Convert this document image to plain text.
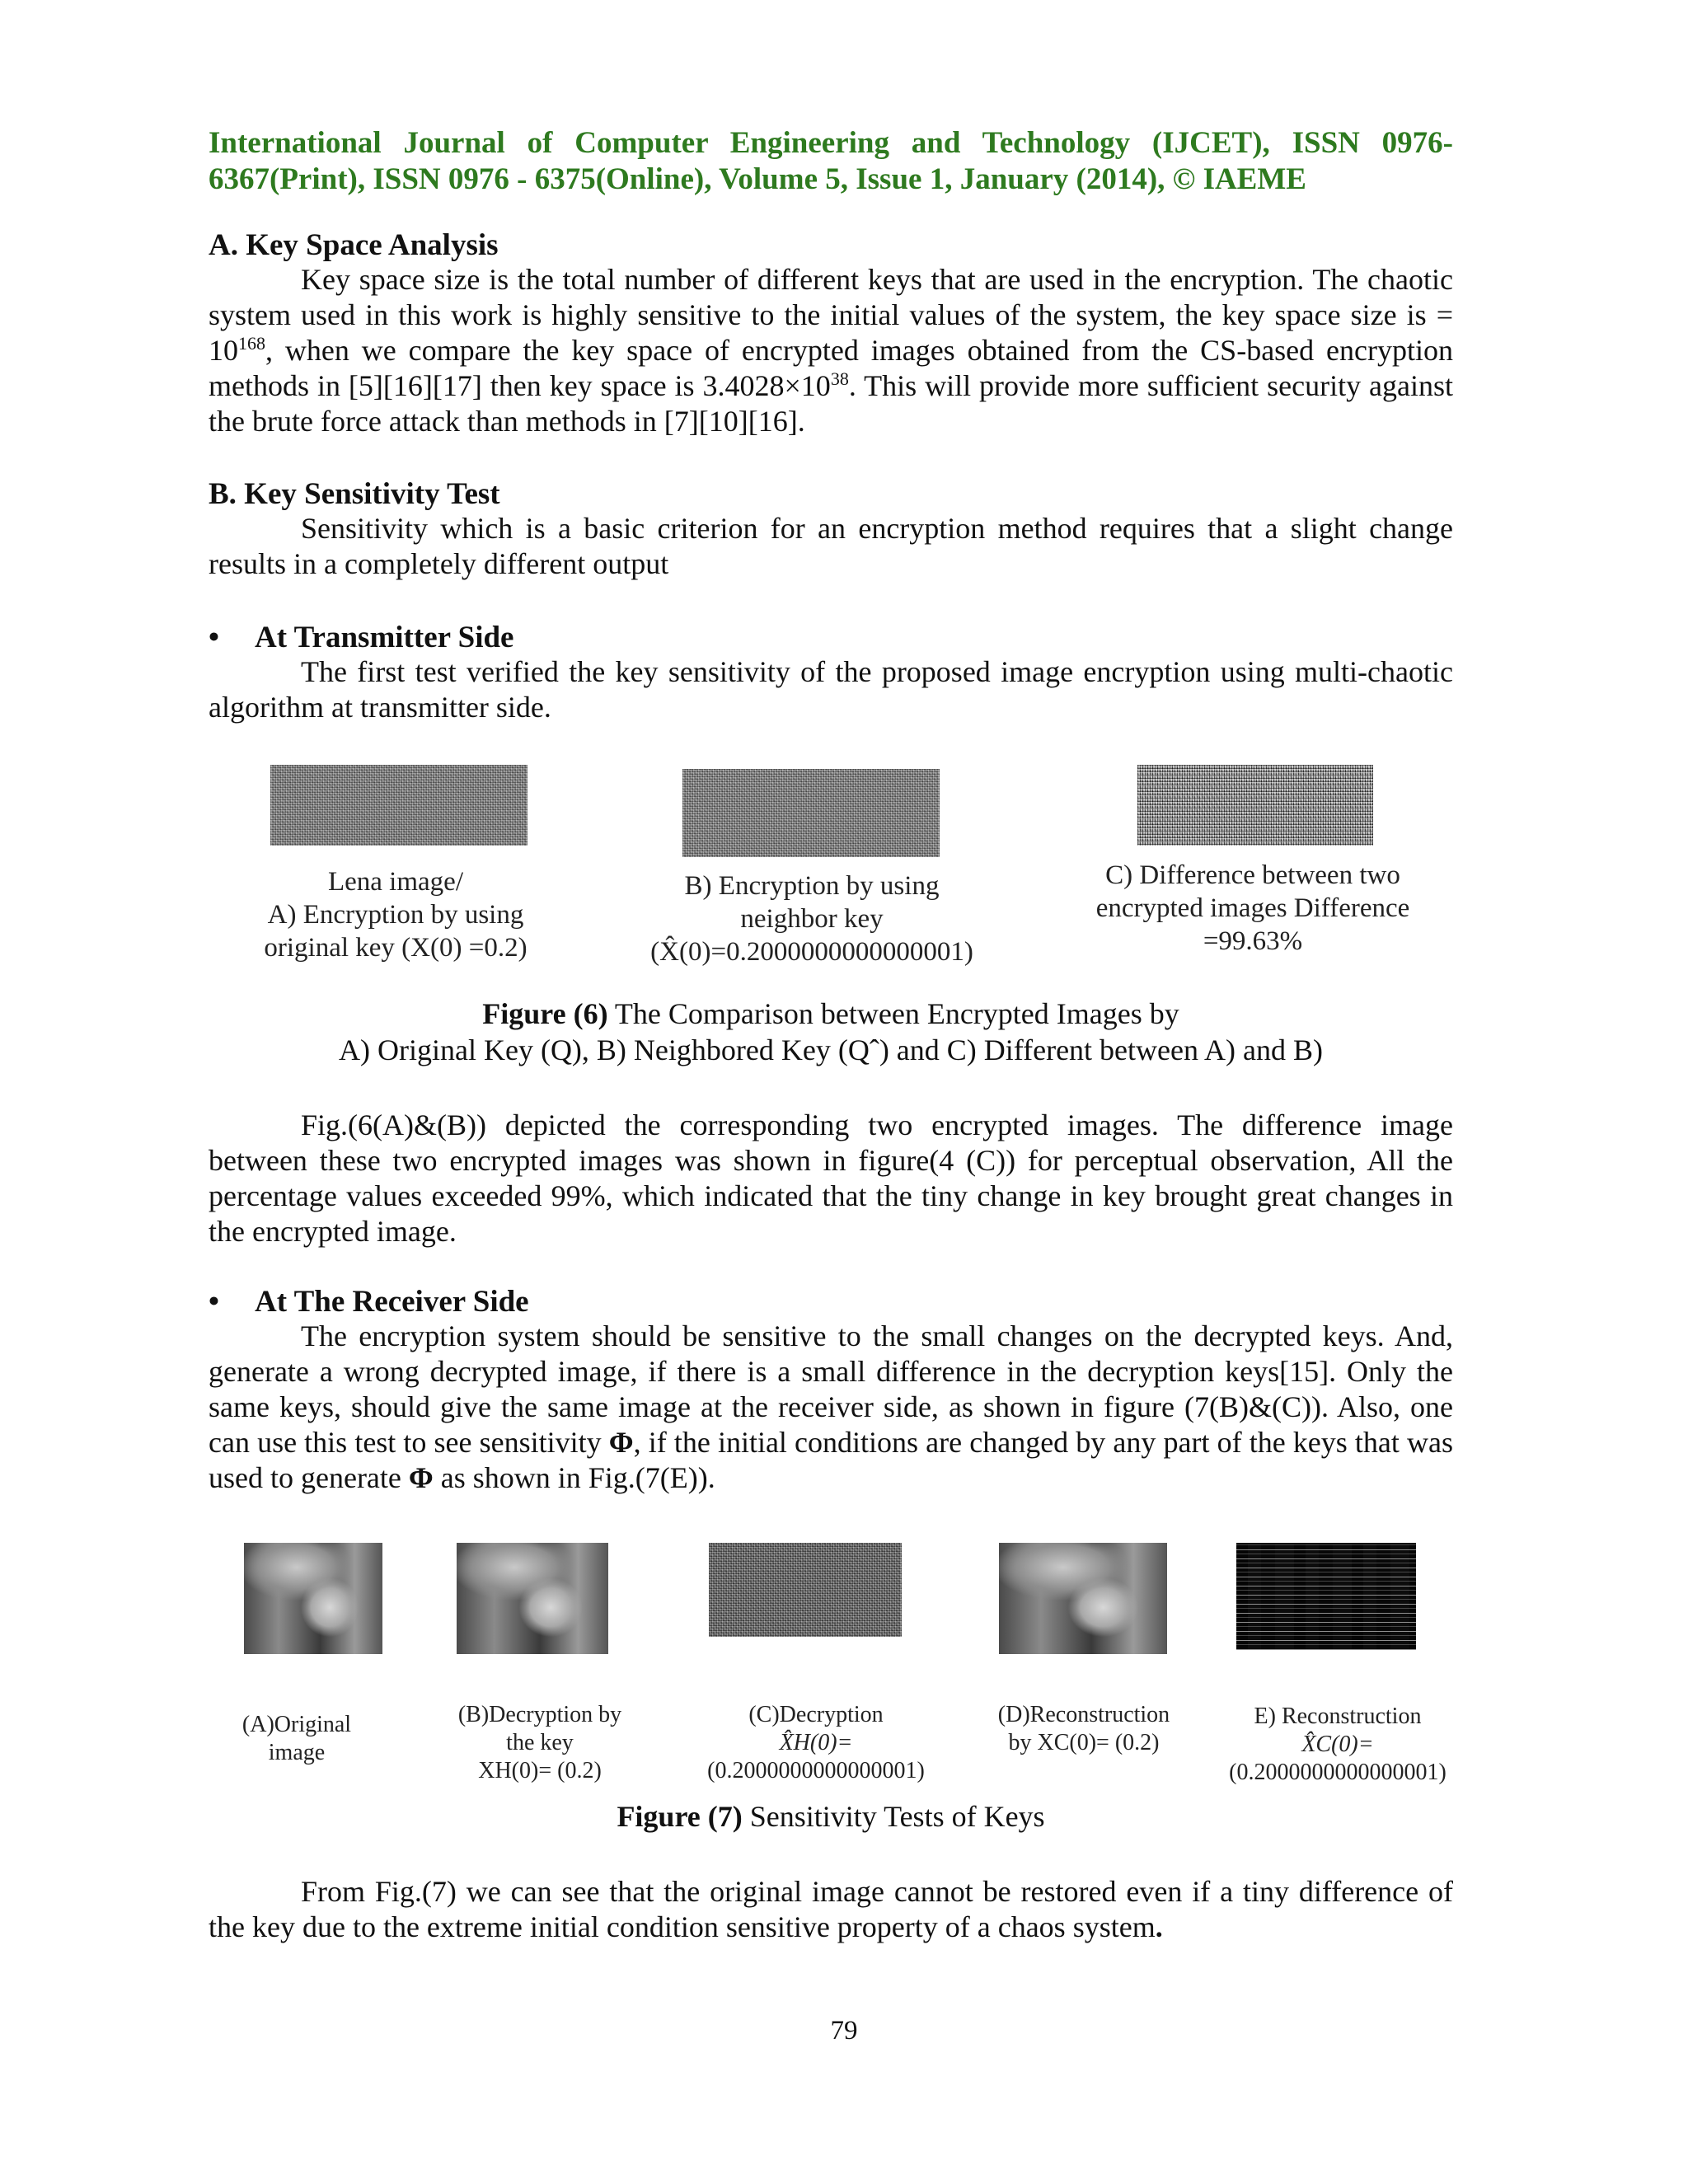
International Journal of Computer Engineering and Technology (IJCET), ISSN 0976-
6367(Print), ISSN 0976 - 6375(Online), Volume 5, Issue 1, January (2014), © IAEME
A. Key Space Analysis
Key space size is the total number of different keys that are used in the encryption. The chaotic system used in this work is highly sensitive to the initial values of the system, the key space size is = $10^{168}$, when we compare the key space of encrypted images obtained from the CS-based encryption methods in [5][16][17] then key space is $3.4028\times 10^{38}$. This will provide more sufficient security against the brute force attack than methods in [7][10][16].
B. Key Sensitivity Test
Sensitivity which is a basic criterion for an encryption method requires that a slight change results in a completely different output
• At Transmitter Side
The first test verified the key sensitivity of the proposed image encryption using multi-chaotic algorithm at transmitter side.
Lena image/
A) Encryption by using
original key (X(0) =0.2)
B) Encryption by using
neighbor key
(X̂(0)=0.2000000000000001)
C) Difference between two
encrypted images Difference
=99.63%
Figure (6) The Comparison between Encrypted Images by
A) Original Key (Q), B) Neighbored Key (Qˆ) and C) Different between A) and B)
Fig.(6(A)&(B)) depicted the corresponding two encrypted images. The difference image between these two encrypted images was shown in figure(4 (C)) for perceptual observation, All the percentage values exceeded 99%, which indicated that the tiny change in key brought great changes in the encrypted image.
• At The Receiver Side
The encryption system should be sensitive to the small changes on the decrypted keys. And, generate a wrong decrypted image, if there is a small difference in the decryption keys[15]. Only the same keys, should give the same image at the receiver side, as shown in figure (7(B)&(C)). Also, one can use this test to see sensitivity Φ, if the initial conditions are changed by any part of the keys that was used to generate Φ as shown in Fig.(7(E)).
(A)Original
image
(B)Decryption by
the key
XH(0)= (0.2)
(C)Decryption
X̂H(0)=
(0.2000000000000001)
(D)Reconstruction
by XC(0)= (0.2)
E) Reconstruction
X̂C(0)=
(0.2000000000000001)
Figure (7) Sensitivity Tests of Keys
From Fig.(7) we can see that the original image cannot be restored even if a tiny difference of the key due to the extreme initial condition sensitive property of a chaos system.
79
